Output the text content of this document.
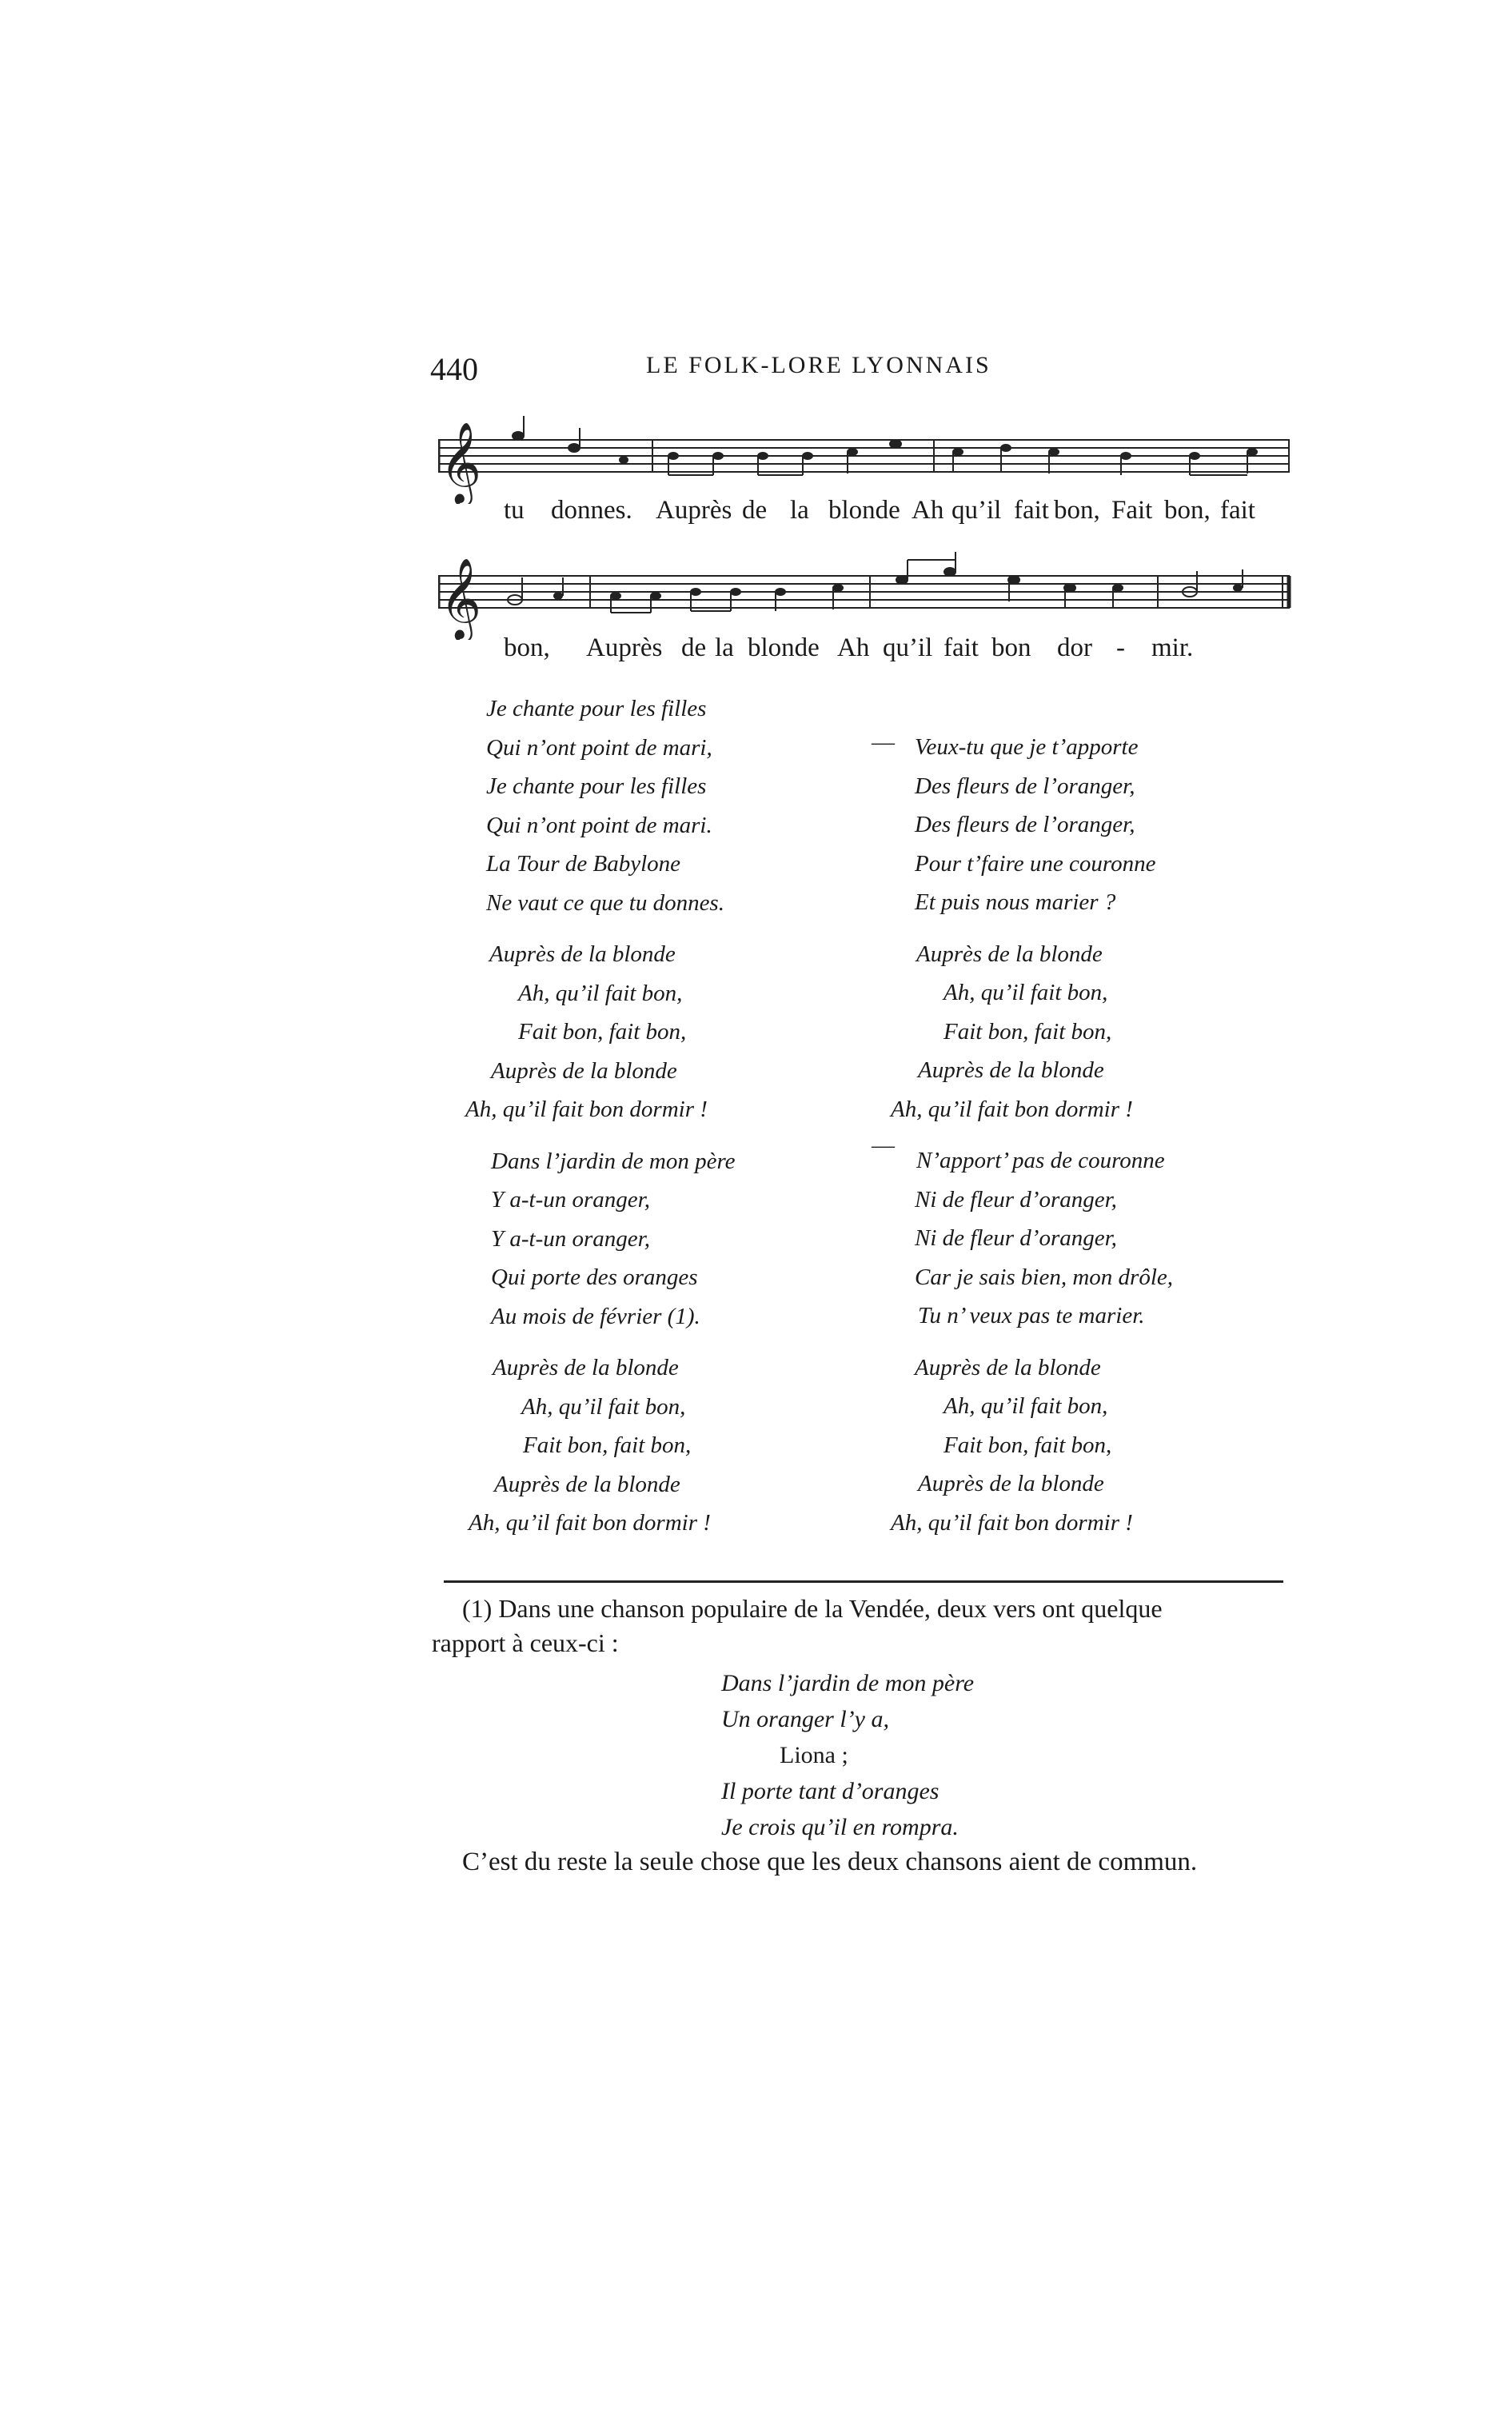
440	LE FOLK-LORE LYONNAIS
𝄞
tu donnes. Auprès de la blonde Ah qu’il fait bon, Fait bon, fait
𝄞
bon, Auprès de la blonde Ah qu’il fait bon dor - mir.
Je chante pour les filles
Qui n’ont point de mari,
Je chante pour les filles
Qui n’ont point de mari.
La Tour de Babylone
Ne vaut ce que tu donnes.
Auprès de la blonde
Ah, qu’il fait bon,
Fait bon, fait bon,
Auprès de la blonde
Ah, qu’il fait bon dormir !
Dans l’jardin de mon père
Y a-t-un oranger,
Y a-t-un oranger,
Qui porte des oranges
Au mois de février (1).
Auprès de la blonde
Ah, qu’il fait bon,
Fait bon, fait bon,
Auprès de la blonde
Ah, qu’il fait bon dormir !
—
—
Veux-tu que je t’apporte
Des fleurs de l’oranger,
Des fleurs de l’oranger,
Pour t’faire une couronne
Et puis nous marier ?
Auprès de la blonde
Ah, qu’il fait bon,
Fait bon, fait bon,
Auprès de la blonde
Ah, qu’il fait bon dormir !
N’apport’ pas de couronne
Ni de fleur d’oranger,
Ni de fleur d’oranger,
Car je sais bien, mon drôle,
Tu n’ veux pas te marier.
Auprès de la blonde
Ah, qu’il fait bon,
Fait bon, fait bon,
Auprès de la blonde
Ah, qu’il fait bon dormir !
(1) Dans une chanson populaire de la Vendée, deux vers ont quelque
rapport à ceux-ci :
Dans l’jardin de mon père
Un oranger l’y a,
Liona ;
Il porte tant d’oranges
Je crois qu’il en rompra.
C’est du reste la seule chose que les deux chansons aient de commun.
